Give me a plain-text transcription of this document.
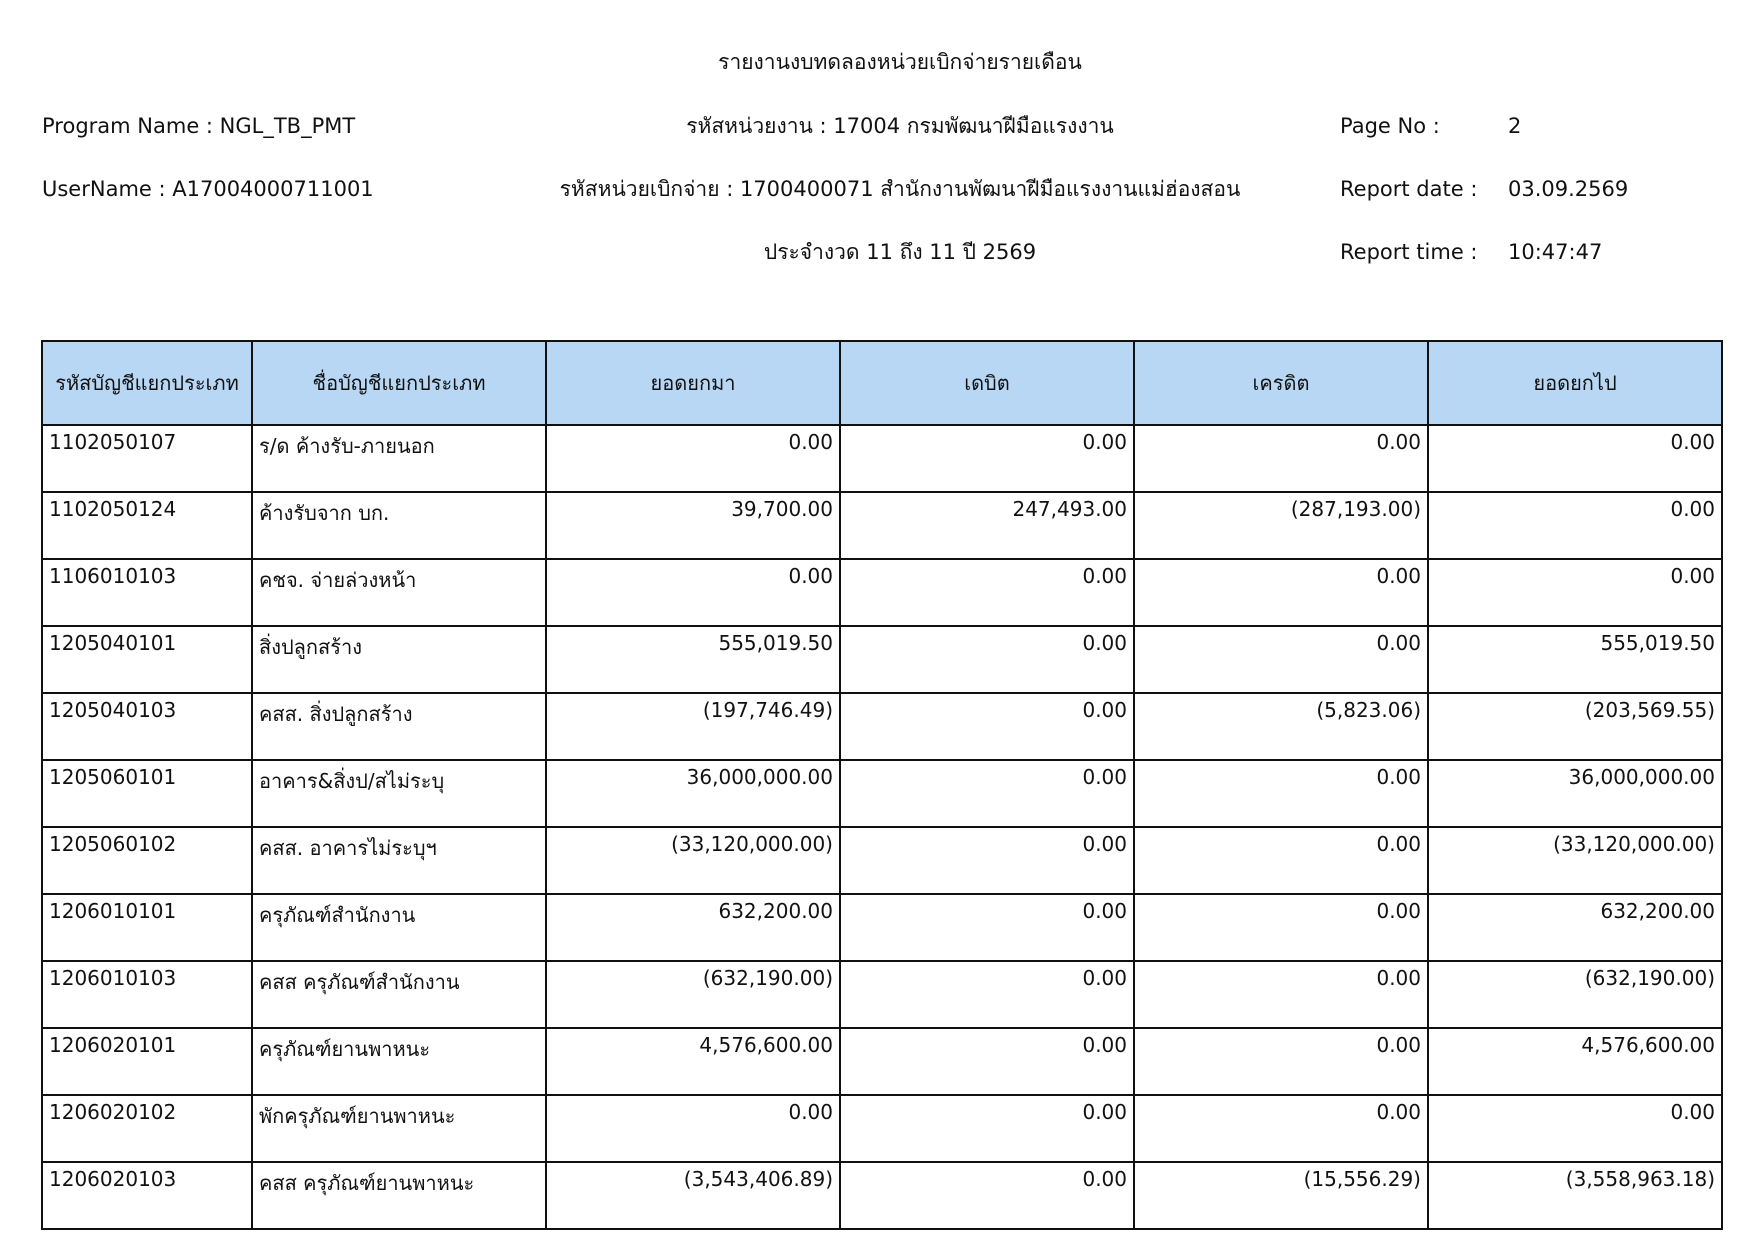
รายงานงบทดลองหน่วยเบิกจ่ายรายเดือน
Program Name : NGL_TB_PMT	รหัสหน่วยงาน : 17004 กรมพัฒนาฝีมือแรงงาน	Page No :	2
UserName : A17004000711001	รหัสหน่วยเบิกจ่าย : 1700400071 สำนักงานพัฒนาฝีมือแรงงานแม่ฮ่องสอน	Report date : 03.09.2569
ประจำงวด 11 ถึง 11 ปี 2569	Report time : 10:47:47
รหัสบัญชีแยกประเภท	ชื่อบัญชีแยกประเภท	ยอดยกมา	เดบิต	เครดิต	ยอดยกไป
1102050107	ร/ด ค้างรับ-ภายนอก	0.00	0.00	0.00	0.00
1102050124	ค้างรับจาก บก.	39,700.00	247,493.00	(287,193.00)	0.00
1106010103	คชจ. จ่ายล่วงหน้า	0.00	0.00	0.00	0.00
1205040101	สิ่งปลูกสร้าง	555,019.50	0.00	0.00	555,019.50
1205040103	คสส. สิ่งปลูกสร้าง	(197,746.49)	0.00	(5,823.06)	(203,569.55)
1205060101	อาคาร&สิ่งป/สไม่ระบุ	36,000,000.00	0.00	0.00	36,000,000.00
1205060102	คสส. อาคารไม่ระบุฯ	(33,120,000.00)	0.00	0.00	(33,120,000.00)
1206010101	ครุภัณฑ์สำนักงาน	632,200.00	0.00	0.00	632,200.00
1206010103	คสส ครุภัณฑ์สำนักงาน	(632,190.00)	0.00	0.00	(632,190.00)
1206020101	ครุภัณฑ์ยานพาหนะ	4,576,600.00	0.00	0.00	4,576,600.00
1206020102	พักครุภัณฑ์ยานพาหนะ	0.00	0.00	0.00	0.00
1206020103	คสส ครุภัณฑ์ยานพาหนะ	(3,543,406.89)	0.00	(15,556.29)	(3,558,963.18)
